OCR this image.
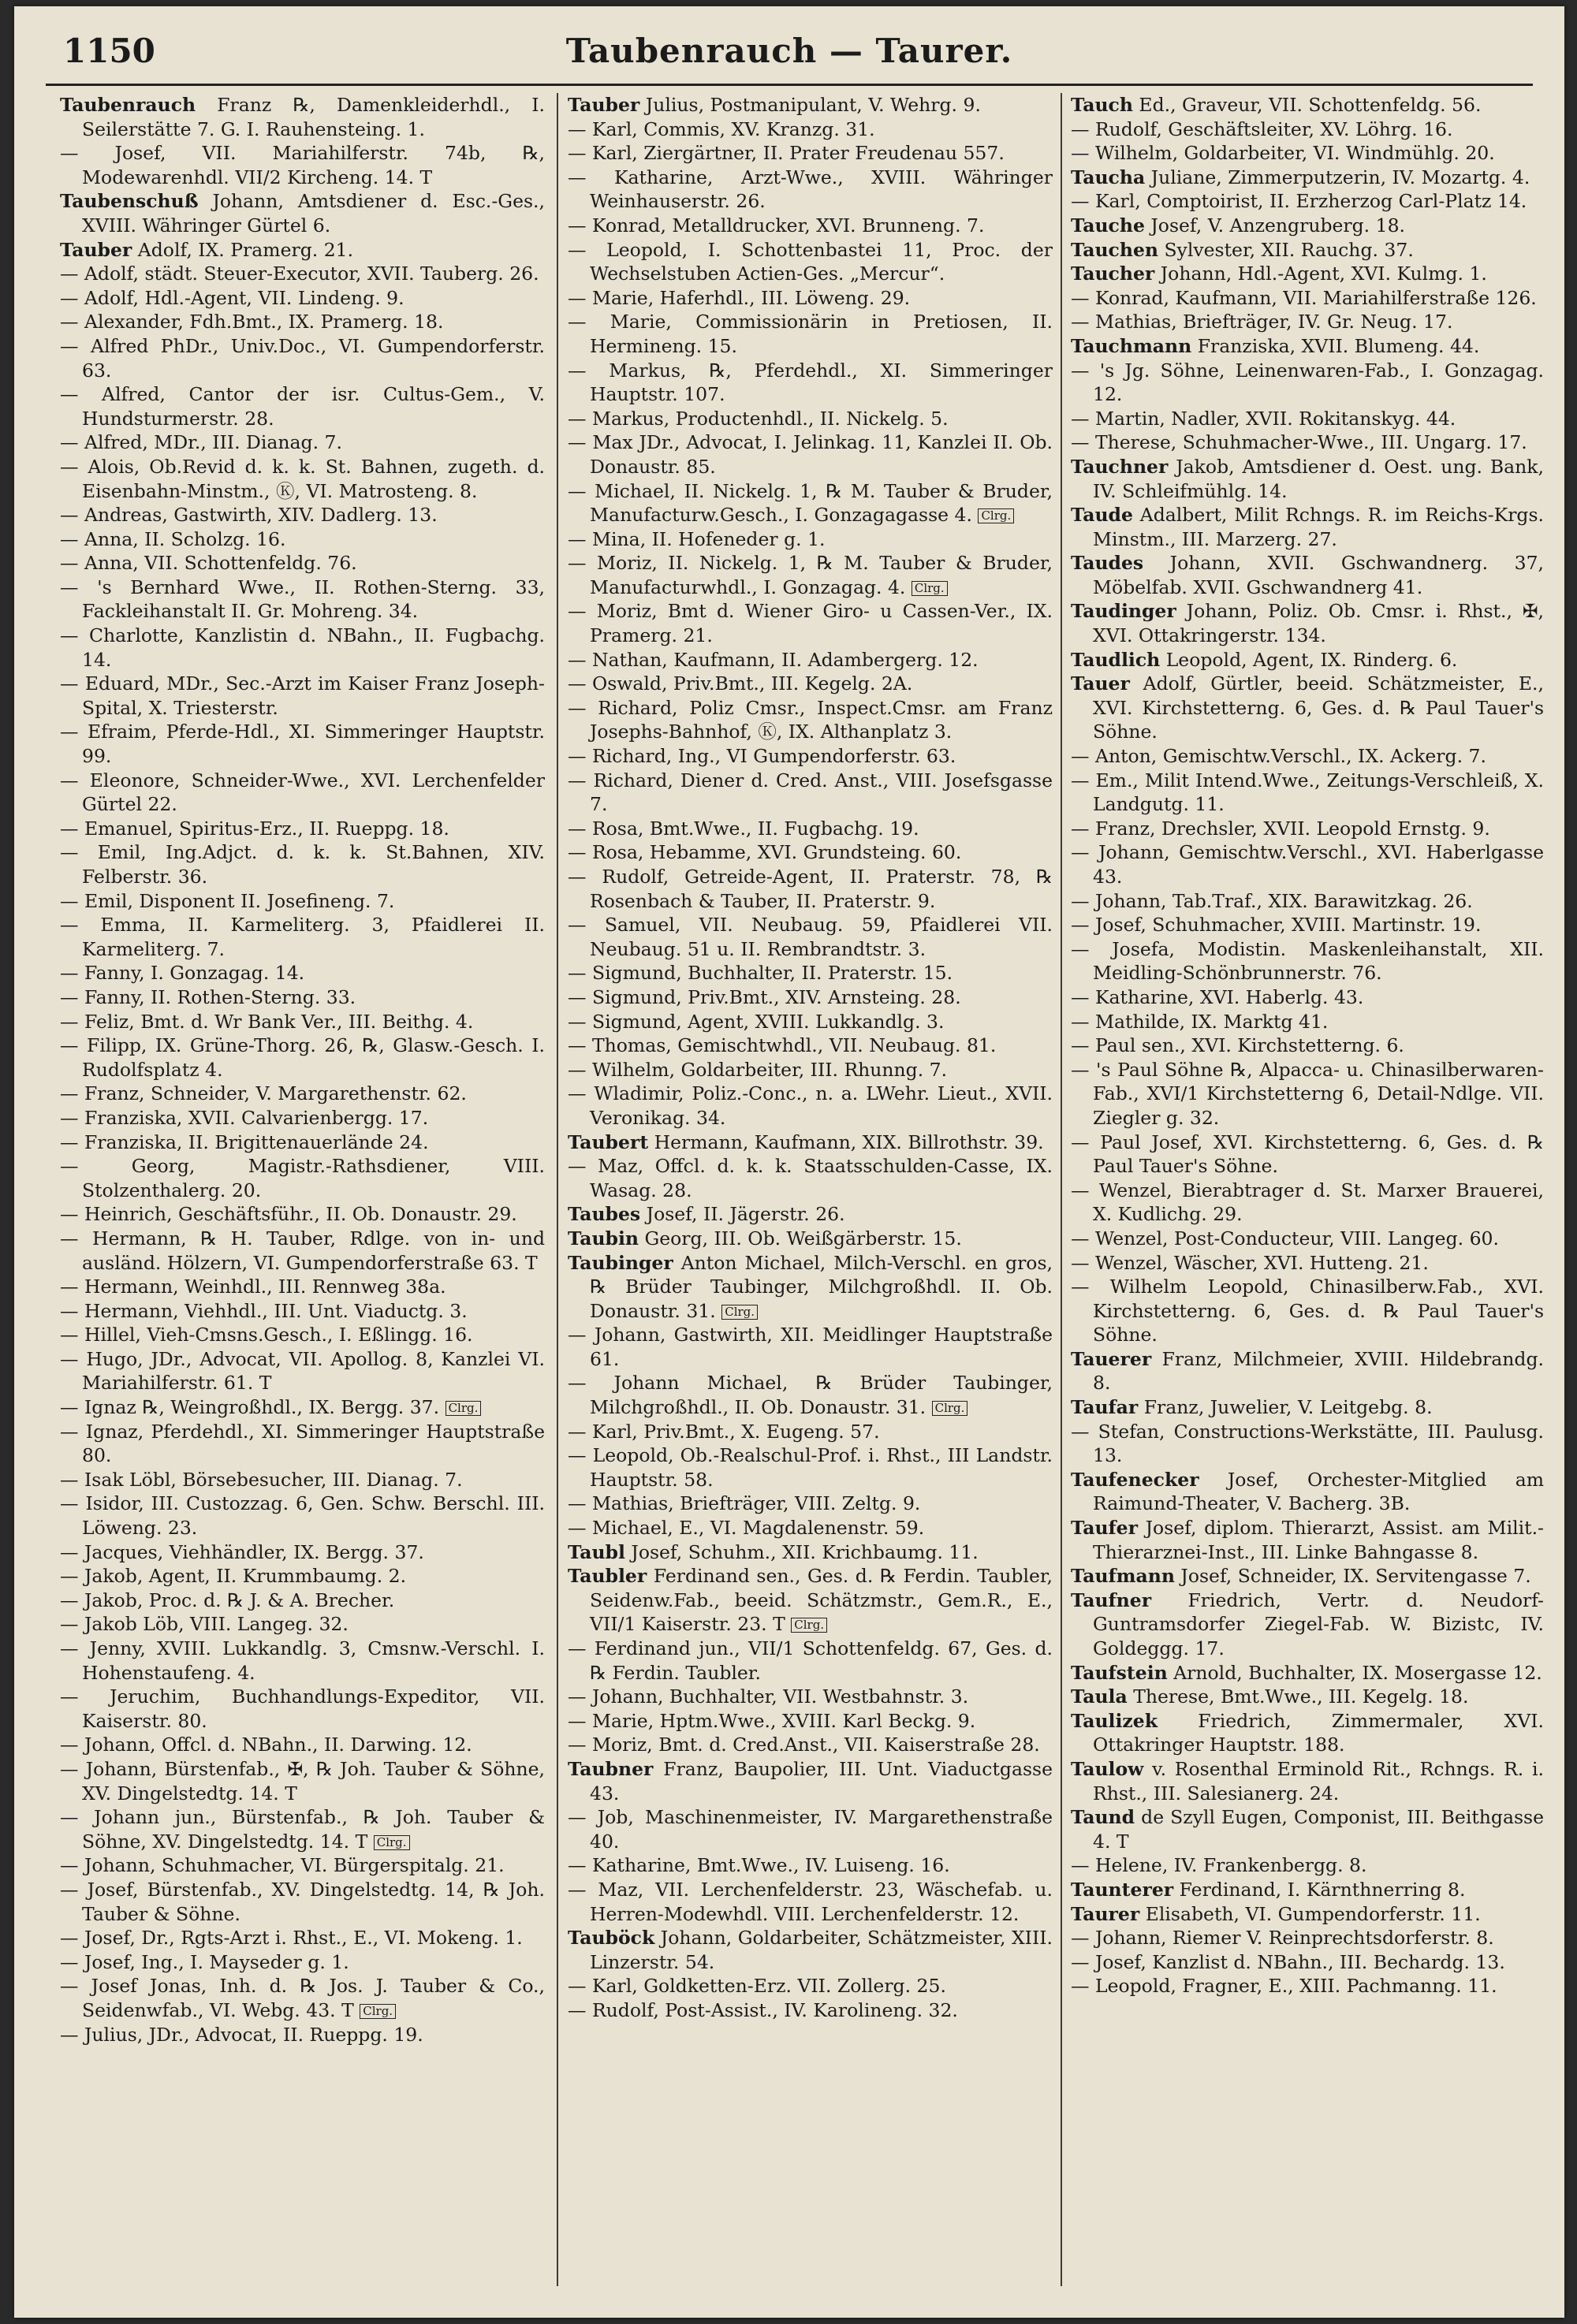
1150	Taubenrauch — Taurer.
Taubenrauch Franz ℞, Damenkleiderhdl., I. Seilerstätte 7. G. I. Rauhensteing. 1.
— Josef, VII. Mariahilferstr. 74b, ℞, Modewarenhdl. VII/2 Kircheng. 14. T
Taubenschuß Johann, Amtsdiener d. Esc.-Ges., XVIII. Währinger Gürtel 6.
Tauber Adolf, IX. Pramerg. 21.
— Adolf, städt. Steuer-Executor, XVII. Tauberg. 26.
— Adolf, Hdl.-Agent, VII. Lindeng. 9.
— Alexander, Fdh.Bmt., IX. Pramerg. 18.
— Alfred PhDr., Univ.Doc., VI. Gumpendorferstr. 63.
— Alfred, Cantor der isr. Cultus-Gem., V. Hundsturmerstr. 28.
— Alfred, MDr., III. Dianag. 7.
— Alois, Ob.Revid d. k. k. St. Bahnen, zugeth. d. Eisenbahn-Minstm., Ⓚ, VI. Matrosteng. 8.
— Andreas, Gastwirth, XIV. Dadlerg. 13.
— Anna, II. Scholzg. 16.
— Anna, VII. Schottenfeldg. 76.
— 's Bernhard Wwe., II. Rothen-Sterng. 33, Fackleihanstalt II. Gr. Mohreng. 34.
— Charlotte, Kanzlistin d. NBahn., II. Fugbachg. 14.
— Eduard, MDr., Sec.-Arzt im Kaiser Franz Joseph-Spital, X. Triesterstr.
— Efraim, Pferde-Hdl., XI. Simmeringer Hauptstr. 99.
— Eleonore, Schneider-Wwe., XVI. Lerchenfelder Gürtel 22.
— Emanuel, Spiritus-Erz., II. Rueppg. 18.
— Emil, Ing.Adjct. d. k. k. St.Bahnen, XIV. Felberstr. 36.
— Emil, Disponent II. Josefineng. 7.
— Emma, II. Karmeliterg. 3, Pfaidlerei II. Karmeliterg. 7.
— Fanny, I. Gonzagag. 14.
— Fanny, II. Rothen-Sterng. 33.
— Feliz, Bmt. d. Wr Bank Ver., III. Beithg. 4.
— Filipp, IX. Grüne-Thorg. 26, ℞, Glasw.-Gesch. I. Rudolfsplatz 4.
— Franz, Schneider, V. Margarethenstr. 62.
— Franziska, XVII. Calvarienbergg. 17.
— Franziska, II. Brigittenauerlände 24.
— Georg, Magistr.-Rathsdiener, VIII. Stolzenthalerg. 20.
— Heinrich, Geschäftsführ., II. Ob. Donaustr. 29.
— Hermann, ℞ H. Tauber, Rdlge. von in- und ausländ. Hölzern, VI. Gumpendorferstraße 63. T
— Hermann, Weinhdl., III. Rennweg 38a.
— Hermann, Viehhdl., III. Unt. Viaductg. 3.
— Hillel, Vieh-Cmsns.Gesch., I. Eßlingg. 16.
— Hugo, JDr., Advocat, VII. Apollog. 8, Kanzlei VI. Mariahilferstr. 61. T
— Ignaz ℞, Weingroßhdl., IX. Bergg. 37. Clrg.
— Ignaz, Pferdehdl., XI. Simmeringer Hauptstraße 80.
— Isak Löbl, Börsebesucher, III. Dianag. 7.
— Isidor, III. Custozzag. 6, Gen. Schw. Berschl. III. Löweng. 23.
— Jacques, Viehhändler, IX. Bergg. 37.
— Jakob, Agent, II. Krummbaumg. 2.
— Jakob, Proc. d. ℞ J. & A. Brecher.
— Jakob Löb, VIII. Langeg. 32.
— Jenny, XVIII. Lukkandlg. 3, Cmsnw.-Verschl. I. Hohenstaufeng. 4.
— Jeruchim, Buchhandlungs-Expeditor, VII. Kaiserstr. 80.
— Johann, Offcl. d. NBahn., II. Darwing. 12.
— Johann, Bürstenfab., ✠, ℞ Joh. Tauber & Söhne, XV. Dingelstedtg. 14. T
— Johann jun., Bürstenfab., ℞ Joh. Tauber & Söhne, XV. Dingelstedtg. 14. T Clrg.
— Johann, Schuhmacher, VI. Bürgerspitalg. 21.
— Josef, Bürstenfab., XV. Dingelstedtg. 14, ℞ Joh. Tauber & Söhne.
— Josef, Dr., Rgts-Arzt i. Rhst., E., VI. Mokeng. 1.
— Josef, Ing., I. Mayseder g. 1.
— Josef Jonas, Inh. d. ℞ Jos. J. Tauber & Co., Seidenwfab., VI. Webg. 43. T Clrg.
— Julius, JDr., Advocat, II. Rueppg. 19.
Tauber Julius, Postmanipulant, V. Wehrg. 9.
— Karl, Commis, XV. Kranzg. 31.
— Karl, Ziergärtner, II. Prater Freudenau 557.
— Katharine, Arzt-Wwe., XVIII. Währinger Weinhauserstr. 26.
— Konrad, Metalldrucker, XVI. Brunneng. 7.
— Leopold, I. Schottenbastei 11, Proc. der Wechselstuben Actien-Ges. „Mercur“.
— Marie, Haferhdl., III. Löweng. 29.
— Marie, Commissionärin in Pretiosen, II. Hermineng. 15.
— Markus, ℞, Pferdehdl., XI. Simmeringer Hauptstr. 107.
— Markus, Productenhdl., II. Nickelg. 5.
— Max JDr., Advocat, I. Jelinkag. 11, Kanzlei II. Ob. Donaustr. 85.
— Michael, II. Nickelg. 1, ℞ M. Tauber & Bruder, Manufacturw.Gesch., I. Gonzagagasse 4. Clrg.
— Mina, II. Hofeneder g. 1.
— Moriz, II. Nickelg. 1, ℞ M. Tauber & Bruder, Manufacturwhdl., I. Gonzagag. 4. Clrg.
— Moriz, Bmt d. Wiener Giro- u Cassen-Ver., IX. Pramerg. 21.
— Nathan, Kaufmann, II. Adambergerg. 12.
— Oswald, Priv.Bmt., III. Kegelg. 2A.
— Richard, Poliz Cmsr., Inspect.Cmsr. am Franz Josephs-Bahnhof, Ⓚ, IX. Althanplatz 3.
— Richard, Ing., VI Gumpendorferstr. 63.
— Richard, Diener d. Cred. Anst., VIII. Josefsgasse 7.
— Rosa, Bmt.Wwe., II. Fugbachg. 19.
— Rosa, Hebamme, XVI. Grundsteing. 60.
— Rudolf, Getreide-Agent, II. Praterstr. 78, ℞ Rosenbach & Tauber, II. Praterstr. 9.
— Samuel, VII. Neubaug. 59, Pfaidlerei VII. Neubaug. 51 u. II. Rembrandtstr. 3.
— Sigmund, Buchhalter, II. Praterstr. 15.
— Sigmund, Priv.Bmt., XIV. Arnsteing. 28.
— Sigmund, Agent, XVIII. Lukkandlg. 3.
— Thomas, Gemischtwhdl., VII. Neubaug. 81.
— Wilhelm, Goldarbeiter, III. Rhunng. 7.
— Wladimir, Poliz.-Conc., n. a. LWehr. Lieut., XVII. Veronikag. 34.
Taubert Hermann, Kaufmann, XIX. Billrothstr. 39.
— Maz, Offcl. d. k. k. Staatsschulden-Casse, IX. Wasag. 28.
Taubes Josef, II. Jägerstr. 26.
Taubin Georg, III. Ob. Weißgärberstr. 15.
Taubinger Anton Michael, Milch-Verschl. en gros, ℞ Brüder Taubinger, Milchgroßhdl. II. Ob. Donaustr. 31. Clrg.
— Johann, Gastwirth, XII. Meidlinger Hauptstraße 61.
— Johann Michael, ℞ Brüder Taubinger, Milchgroßhdl., II. Ob. Donaustr. 31. Clrg.
— Karl, Priv.Bmt., X. Eugeng. 57.
— Leopold, Ob.-Realschul-Prof. i. Rhst., III Landstr. Hauptstr. 58.
— Mathias, Briefträger, VIII. Zeltg. 9.
— Michael, E., VI. Magdalenenstr. 59.
Taubl Josef, Schuhm., XII. Krichbaumg. 11.
Taubler Ferdinand sen., Ges. d. ℞ Ferdin. Taubler, Seidenw.Fab., beeid. Schätzmstr., Gem.R., E., VII/1 Kaiserstr. 23. T Clrg.
— Ferdinand jun., VII/1 Schottenfeldg. 67, Ges. d. ℞ Ferdin. Taubler.
— Johann, Buchhalter, VII. Westbahnstr. 3.
— Marie, Hptm.Wwe., XVIII. Karl Beckg. 9.
— Moriz, Bmt. d. Cred.Anst., VII. Kaiserstraße 28.
Taubner Franz, Baupolier, III. Unt. Viaductgasse 43.
— Job, Maschinenmeister, IV. Margarethenstraße 40.
— Katharine, Bmt.Wwe., IV. Luiseng. 16.
— Maz, VII. Lerchenfelderstr. 23, Wäschefab. u. Herren-Modewhdl. VIII. Lerchenfelderstr. 12.
Tauböck Johann, Goldarbeiter, Schätzmeister, XIII. Linzerstr. 54.
— Karl, Goldketten-Erz. VII. Zollerg. 25.
— Rudolf, Post-Assist., IV. Karolineng. 32.
Tauch Ed., Graveur, VII. Schottenfeldg. 56.
— Rudolf, Geschäftsleiter, XV. Löhrg. 16.
— Wilhelm, Goldarbeiter, VI. Windmühlg. 20.
Taucha Juliane, Zimmerputzerin, IV. Mozartg. 4.
— Karl, Comptoirist, II. Erzherzog Carl-Platz 14.
Tauche Josef, V. Anzengruberg. 18.
Tauchen Sylvester, XII. Rauchg. 37.
Taucher Johann, Hdl.-Agent, XVI. Kulmg. 1.
— Konrad, Kaufmann, VII. Mariahilferstraße 126.
— Mathias, Briefträger, IV. Gr. Neug. 17.
Tauchmann Franziska, XVII. Blumeng. 44.
— 's Jg. Söhne, Leinenwaren-Fab., I. Gonzagag. 12.
— Martin, Nadler, XVII. Rokitanskyg. 44.
— Therese, Schuhmacher-Wwe., III. Ungarg. 17.
Tauchner Jakob, Amtsdiener d. Oest. ung. Bank, IV. Schleifmühlg. 14.
Taude Adalbert, Milit Rchngs. R. im Reichs-Krgs. Minstm., III. Marzerg. 27.
Taudes Johann, XVII. Gschwandnerg. 37, Möbelfab. XVII. Gschwandnerg 41.
Taudinger Johann, Poliz. Ob. Cmsr. i. Rhst., ✠, XVI. Ottakringerstr. 134.
Taudlich Leopold, Agent, IX. Rinderg. 6.
Tauer Adolf, Gürtler, beeid. Schätzmeister, E., XVI. Kirchstetterng. 6, Ges. d. ℞ Paul Tauer's Söhne.
— Anton, Gemischtw.Verschl., IX. Ackerg. 7.
— Em., Milit Intend.Wwe., Zeitungs-Verschleiß, X. Landgutg. 11.
— Franz, Drechsler, XVII. Leopold Ernstg. 9.
— Johann, Gemischtw.Verschl., XVI. Haberlgasse 43.
— Johann, Tab.Traf., XIX. Barawitzkag. 26.
— Josef, Schuhmacher, XVIII. Martinstr. 19.
— Josefa, Modistin. Maskenleihanstalt, XII. Meidling-Schönbrunnerstr. 76.
— Katharine, XVI. Haberlg. 43.
— Mathilde, IX. Marktg 41.
— Paul sen., XVI. Kirchstetterng. 6.
— 's Paul Söhne ℞, Alpacca- u. Chinasilberwaren-Fab., XVI/1 Kirchstetterng 6, Detail-Ndlge. VII. Ziegler g. 32.
— Paul Josef, XVI. Kirchstetterng. 6, Ges. d. ℞ Paul Tauer's Söhne.
— Wenzel, Bierabtrager d. St. Marxer Brauerei, X. Kudlichg. 29.
— Wenzel, Post-Conducteur, VIII. Langeg. 60.
— Wenzel, Wäscher, XVI. Hutteng. 21.
— Wilhelm Leopold, Chinasilberw.Fab., XVI. Kirchstetterng. 6, Ges. d. ℞ Paul Tauer's Söhne.
Tauerer Franz, Milchmeier, XVIII. Hildebrandg. 8.
Taufar Franz, Juwelier, V. Leitgebg. 8.
— Stefan, Constructions-Werkstätte, III. Paulusg. 13.
Taufenecker Josef, Orchester-Mitglied am Raimund-Theater, V. Bacherg. 3B.
Taufer Josef, diplom. Thierarzt, Assist. am Milit.-Thierarznei-Inst., III. Linke Bahngasse 8.
Taufmann Josef, Schneider, IX. Servitengasse 7.
Taufner Friedrich, Vertr. d. Neudorf-Guntramsdorfer Ziegel-Fab. W. Bizistc, IV. Goldeggg. 17.
Taufstein Arnold, Buchhalter, IX. Mosergasse 12.
Taula Therese, Bmt.Wwe., III. Kegelg. 18.
Taulizek Friedrich, Zimmermaler, XVI. Ottakringer Hauptstr. 188.
Taulow v. Rosenthal Erminold Rit., Rchngs. R. i. Rhst., III. Salesianerg. 24.
Taund de Szyll Eugen, Componist, III. Beithgasse 4. T
— Helene, IV. Frankenbergg. 8.
Taunterer Ferdinand, I. Kärnthnerring 8.
Taurer Elisabeth, VI. Gumpendorferstr. 11.
— Johann, Riemer V. Reinprechtsdorferstr. 8.
— Josef, Kanzlist d. NBahn., III. Bechardg. 13.
— Leopold, Fragner, E., XIII. Pachmanng. 11.
